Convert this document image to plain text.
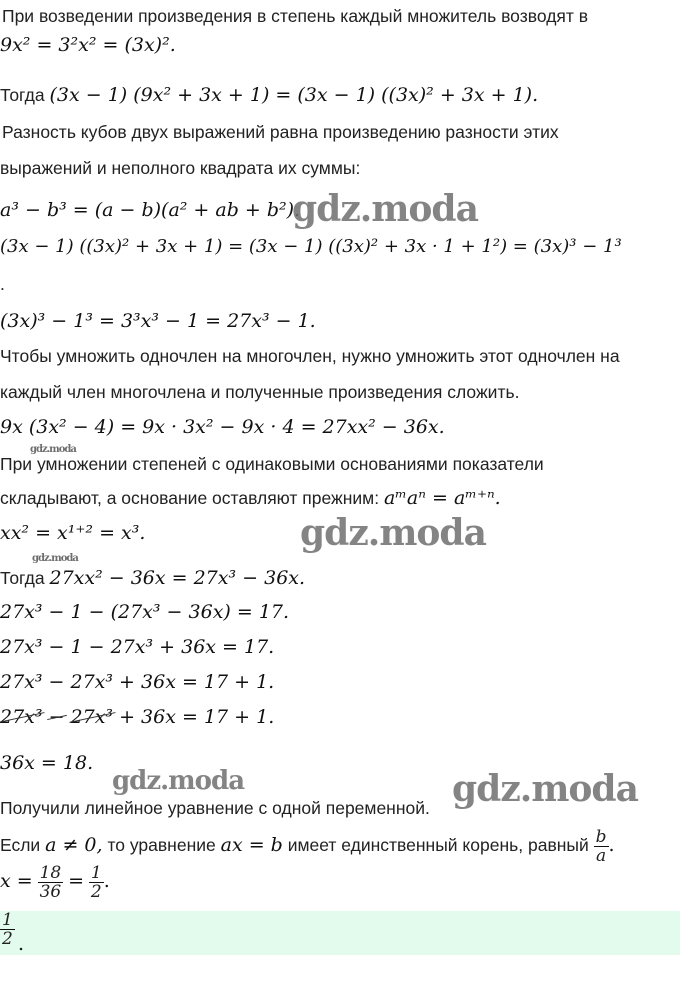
При возведении произведения в степень каждый множитель возводят в
9x² = 3²x² = (3x)².
Тогда (3x − 1) (9x² + 3x + 1) = (3x − 1) ((3x)² + 3x + 1).
Разность кубов двух выражений равна произведению разности этих
выражений и неполного квадрата их суммы:
a³ − b³ = (a − b)(a² + ab + b²).
(3x − 1) ((3x)² + 3x + 1) = (3x − 1) ((3x)² + 3x · 1 + 1²) = (3x)³ − 1³
.
(3x)³ − 1³ = 3³x³ − 1 = 27x³ − 1.
Чтобы умножить одночлен на многочлен, нужно умножить этот одночлен на
каждый член многочлена и полученные произведения сложить.
9x (3x² − 4) = 9x · 3x² − 9x · 4 = 27xx² − 36x.
При умножении степеней с одинаковыми основаниями показатели
складывают, а основание оставляют прежним: aᵐaⁿ = aᵐ⁺ⁿ.
xx² = x¹⁺² = x³.
Тогда 27xx² − 36x = 27x³ − 36x.
27x³ − 1 − (27x³ − 36x) = 17.
27x³ − 1 − 27x³ + 36x = 17.
27x³ − 27x³ + 36x = 17 + 1.
27x³ − 27x³ + 36x = 17 + 1.
36x = 18.
Получили линейное уравнение с одной переменной.
Если a ≠ 0, то уравнение ax = b имеет единственный корень, равный $\frac{b}{a}$ .
$x = \frac{18}{36} = \frac{1}{2}$ .
$\frac{1}{2}$ .
gdz.moda
gdz.moda
gdz.moda
gdz.moda
gdz.moda
gdz.moda
